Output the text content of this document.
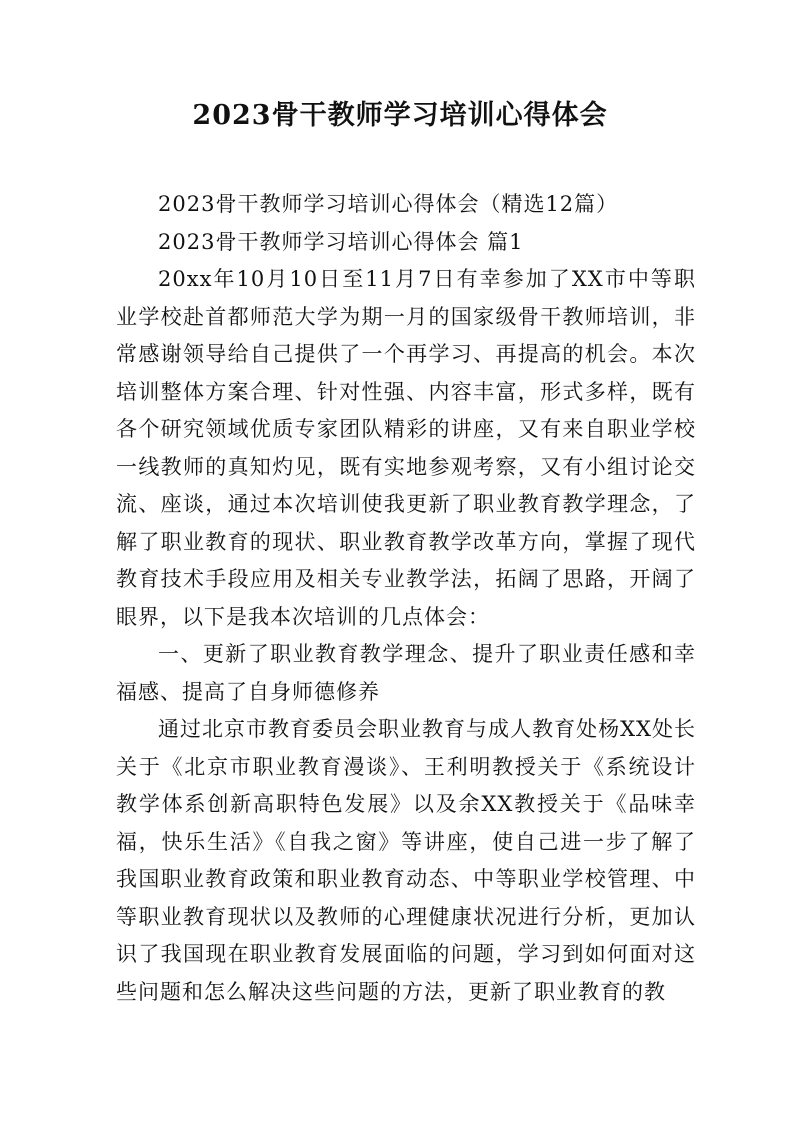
2023骨干教师学习培训心得体会

2023骨干教师学习培训心得体会（精选12篇）

2023骨干教师学习培训心得体会 篇1

20xx年10月10日至11月7日有幸参加了XX市中等职业学校赴首都师范大学为期一月的国家级骨干教师培训，非常感谢领导给自己提供了一个再学习、再提高的机会。本次培训整体方案合理、针对性强、内容丰富，形式多样，既有各个研究领域优质专家团队精彩的讲座，又有来自职业学校一线教师的真知灼见，既有实地参观考察，又有小组讨论交流、座谈，通过本次培训使我更新了职业教育教学理念，了解了职业教育的现状、职业教育教学改革方向，掌握了现代教育技术手段应用及相关专业教学法，拓阔了思路，开阔了眼界，以下是我本次培训的几点体会：

一、更新了职业教育教学理念、提升了职业责任感和幸福感、提高了自身师德修养

通过北京市教育委员会职业教育与成人教育处杨XX处长关于《北京市职业教育漫谈》、王利明教授关于《系统设计教学体系创新高职特色发展》以及余XX教授关于《品味幸福，快乐生活》《自我之窗》等讲座，使自己进一步了解了我国职业教育政策和职业教育动态、中等职业学校管理、中等职业教育现状以及教师的心理健康状况进行分析，更加认识了我国现在职业教育发展面临的问题，学习到如何面对这些问题和怎么解决这些问题的方法，更新了职业教育的教
